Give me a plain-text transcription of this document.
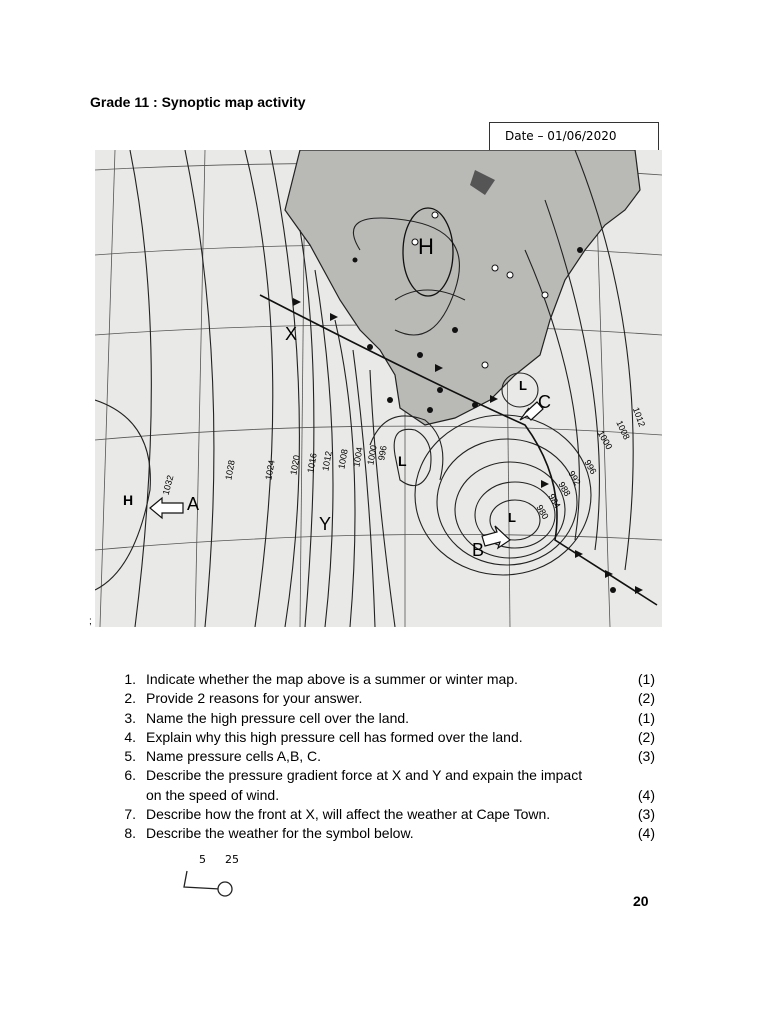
Grade 11 : Synoptic map activity
Date – 01/06/2020
H
H
L
L
L
A
B
C
X
Y
1032
1028	1024 1020 1016 1012 1008 1004 1000
996
996
992
988
984
980
1000 1008
1012
;
1. Indicate whether the map above is a summer or winter map.	(1)
2. Provide 2 reasons for your answer.	(2)
3. Name the high pressure cell over the land.	(1)
4. Explain why this high pressure cell has formed over the land.	(2)
5. Name pressure cells A,B, C.	(3)
6. Describe the pressure gradient force at X and Y and expain the impact
on the speed of wind.	(4)
7. Describe how the front at X, will affect the weather at Cape Town.	(3)
8. Describe the weather for the symbol below.	(4)
5 25
20
